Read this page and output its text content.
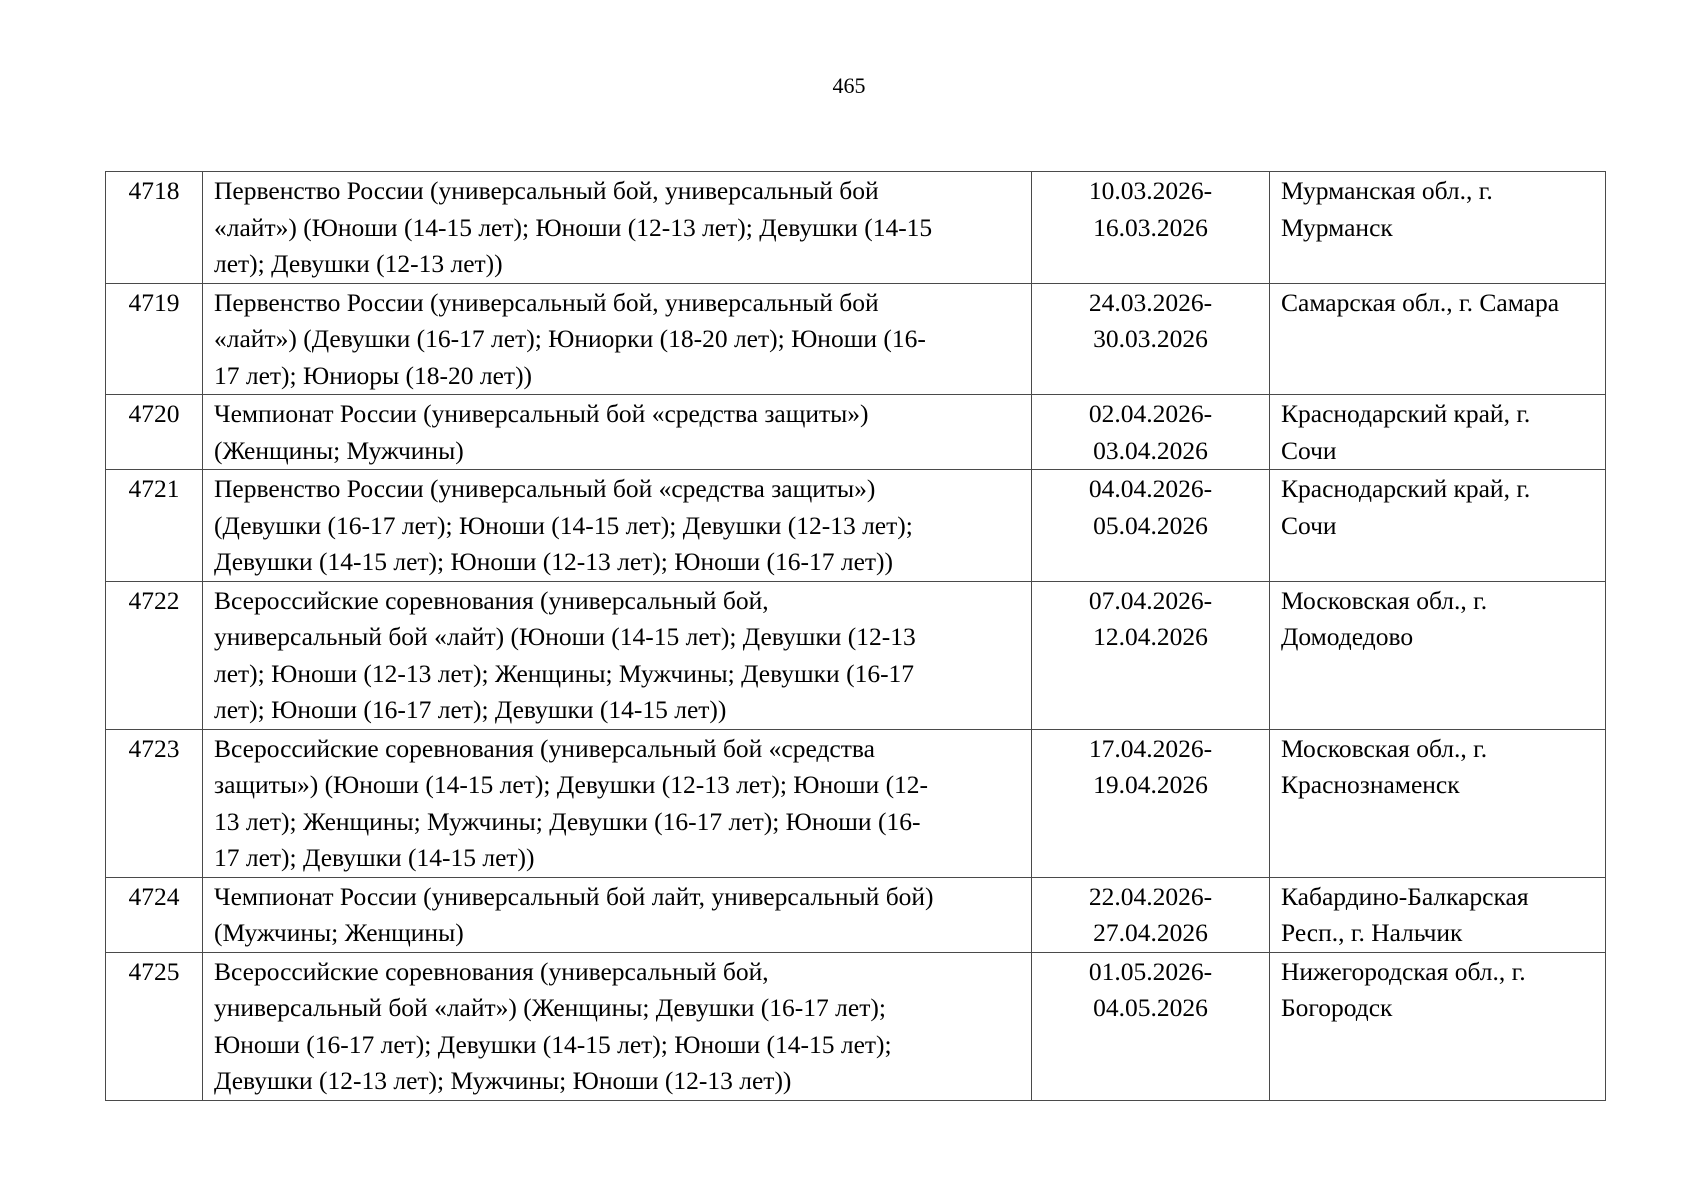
465
4718	Первенство России (универсальный бой, универсальный бой
«лайт») (Юноши (14-15 лет); Юноши (12-13 лет); Девушки (14-15
лет); Девушки (12-13 лет))	10.03.2026-
16.03.2026	Мурманская обл., г.
Мурманск

4719	Первенство России (универсальный бой, универсальный бой
«лайт») (Девушки (16-17 лет); Юниорки (18-20 лет); Юноши (16-
17 лет); Юниоры (18-20 лет))	24.03.2026-
30.03.2026	Самарская обл., г. Самара

4720	Чемпионат России (универсальный бой «средства защиты»)
(Женщины; Мужчины)	02.04.2026-
03.04.2026	Краснодарский край, г.
Сочи

4721	Первенство России (универсальный бой «средства защиты»)
(Девушки (16-17 лет); Юноши (14-15 лет); Девушки (12-13 лет);
Девушки (14-15 лет); Юноши (12-13 лет); Юноши (16-17 лет))	04.04.2026-
05.04.2026	Краснодарский край, г.
Сочи

4722	Всероссийские соревнования (универсальный бой,
универсальный бой «лайт) (Юноши (14-15 лет); Девушки (12-13
лет); Юноши (12-13 лет); Женщины; Мужчины; Девушки (16-17
лет); Юноши (16-17 лет); Девушки (14-15 лет))	07.04.2026-
12.04.2026	Московская обл., г.
Домодедово

4723	Всероссийские соревнования (универсальный бой «средства
защиты») (Юноши (14-15 лет); Девушки (12-13 лет); Юноши (12-
13 лет); Женщины; Мужчины; Девушки (16-17 лет); Юноши (16-
17 лет); Девушки (14-15 лет))	17.04.2026-
19.04.2026	Московская обл., г.
Краснознаменск

4724	Чемпионат России (универсальный бой лайт, универсальный бой)
(Мужчины; Женщины)	22.04.2026-
27.04.2026	Кабардино-Балкарская
Респ., г. Нальчик

4725	Всероссийские соревнования (универсальный бой,
универсальный бой «лайт») (Женщины; Девушки (16-17 лет);
Юноши (16-17 лет); Девушки (14-15 лет); Юноши (14-15 лет);
Девушки (12-13 лет); Мужчины; Юноши (12-13 лет))	01.05.2026-
04.05.2026	Нижегородская обл., г.
Богородск
